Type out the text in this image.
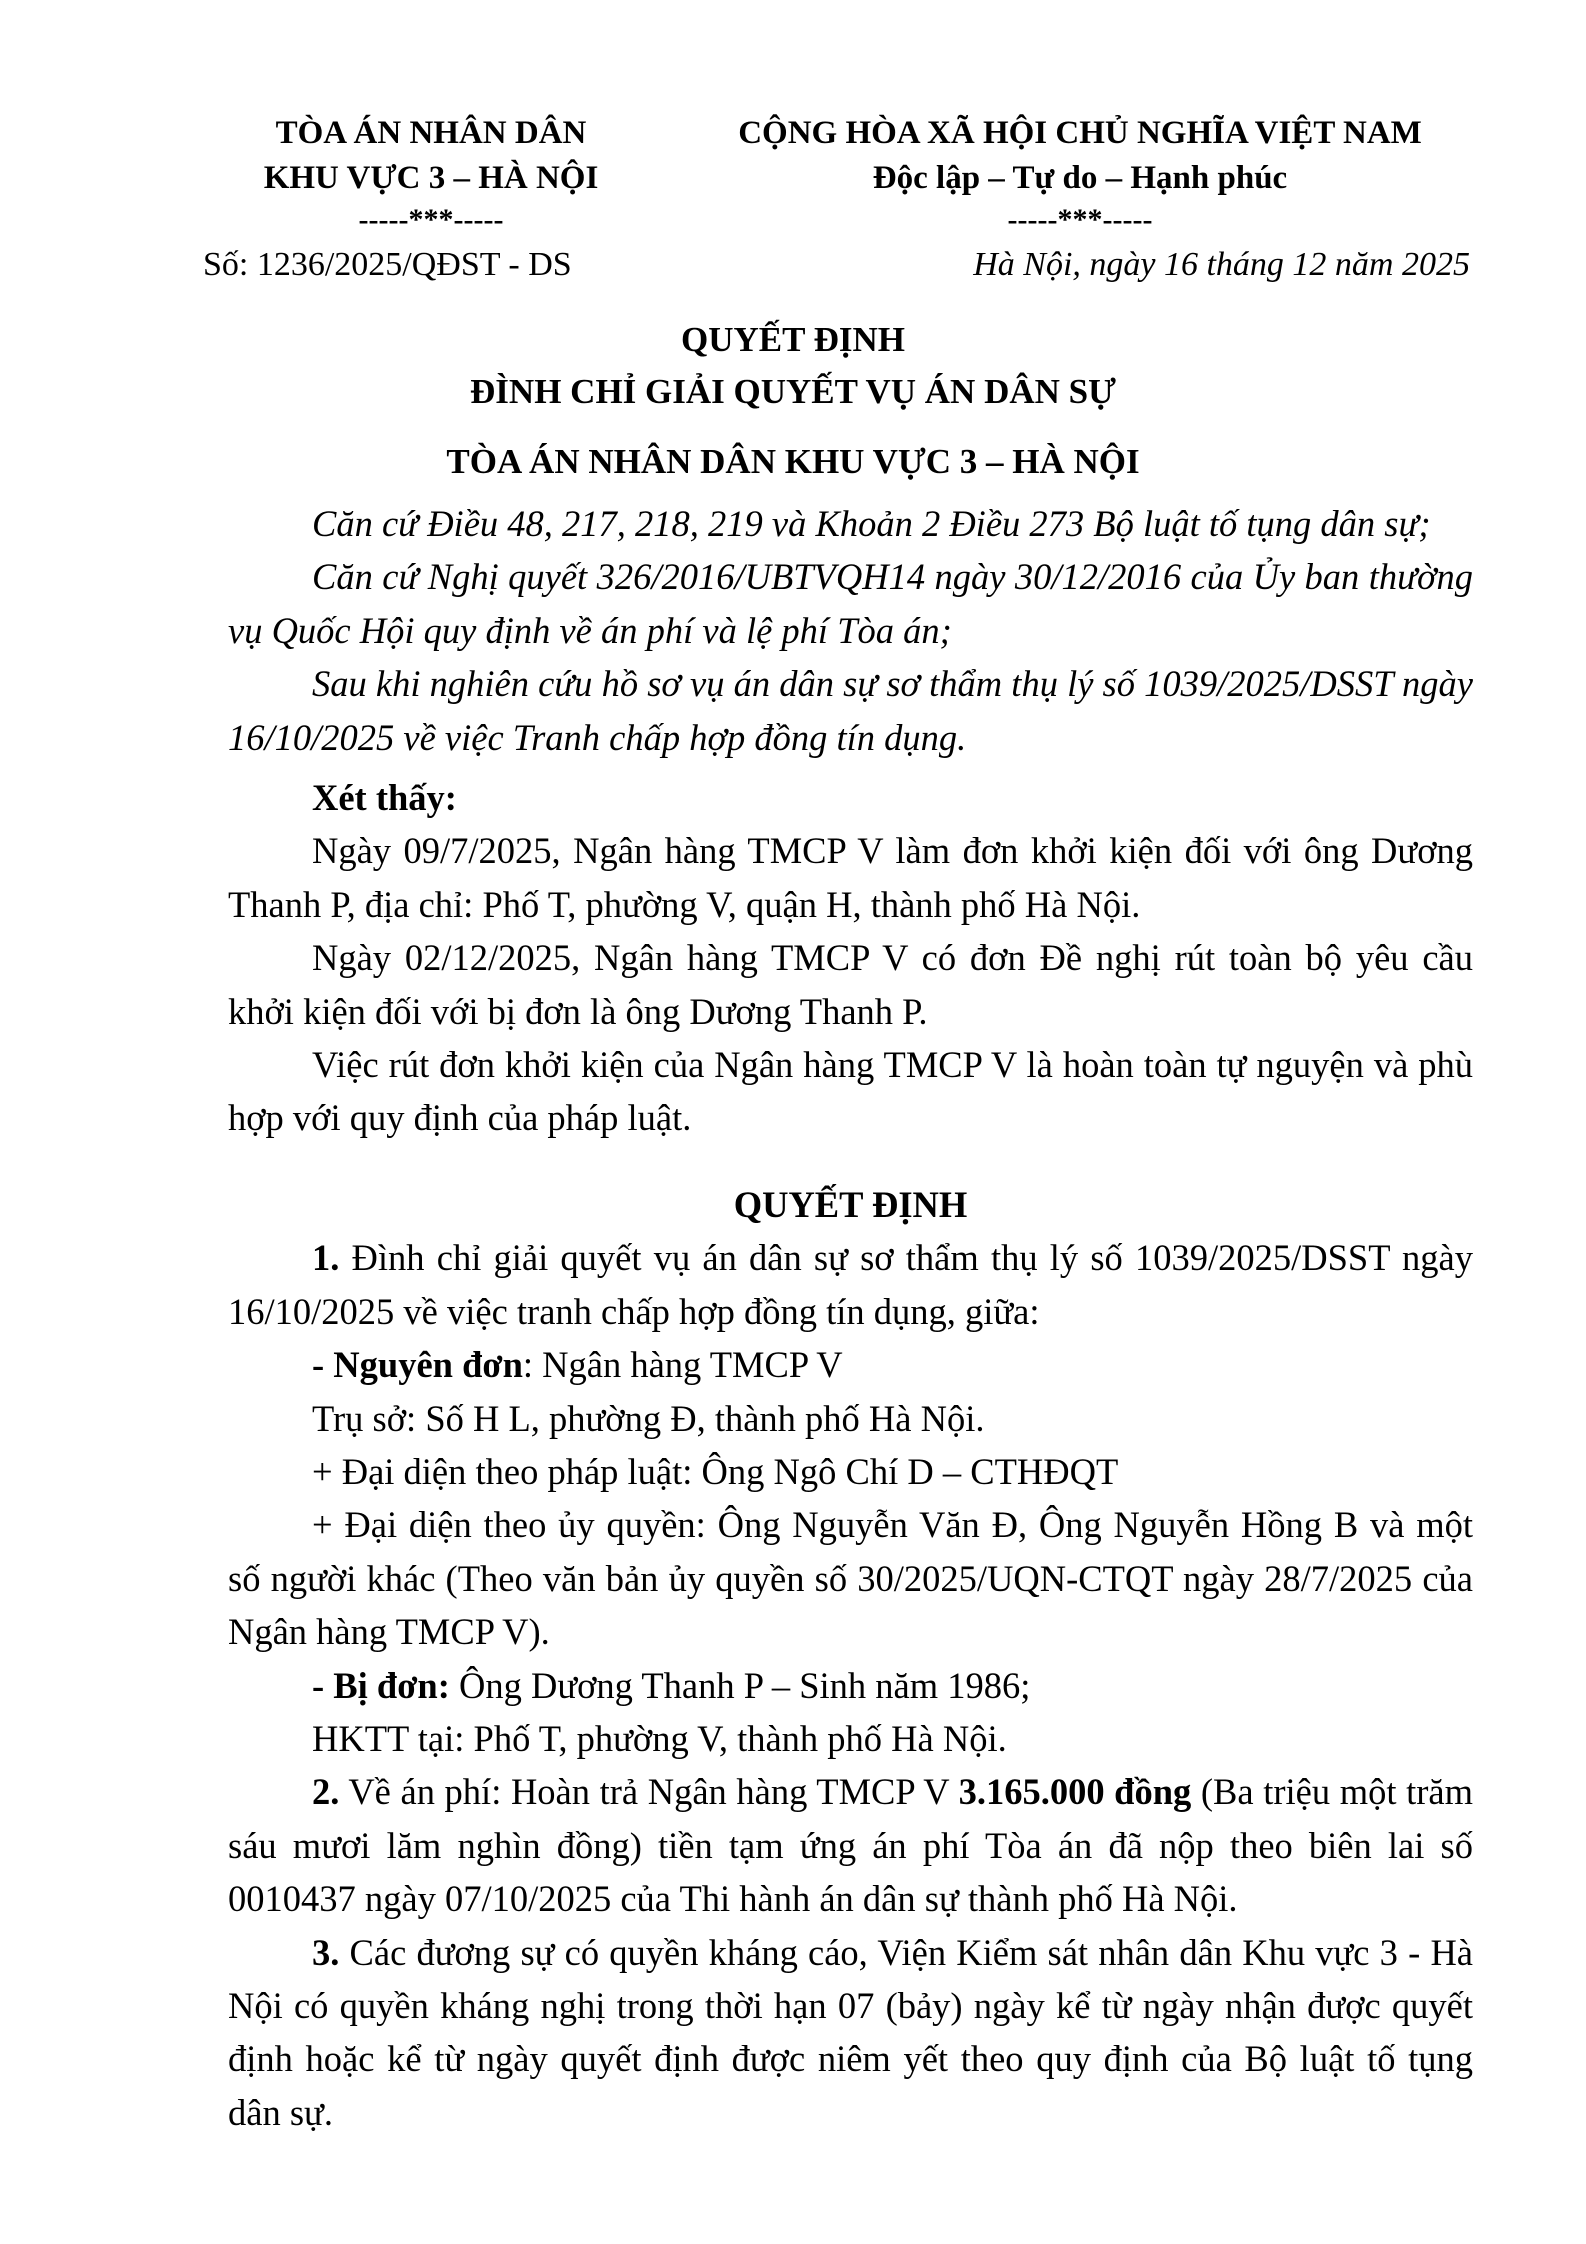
TÒA ÁN NHÂN DÂN
KHU VỰC 3 – HÀ NỘI
-----***-----
CỘNG HÒA XÃ HỘI CHỦ NGHĨA VIỆT NAM
Độc lập – Tự do – Hạnh phúc
-----***-----
Số: 1236/2025/QĐST - DS	Hà Nội, ngày 16 tháng 12 năm 2025
QUYẾT ĐỊNH
ĐÌNH CHỈ GIẢI QUYẾT VỤ ÁN DÂN SỰ
TÒA ÁN NHÂN DÂN KHU VỰC 3 – HÀ NỘI

Căn cứ Điều 48, 217, 218, 219 và Khoản 2 Điều 273 Bộ luật tố tụng dân sự;

Căn cứ Nghị quyết 326/2016/UBTVQH14 ngày 30/12/2016 của Ủy ban thường vụ Quốc Hội quy định về án phí và lệ phí Tòa án;

Sau khi nghiên cứu hồ sơ vụ án dân sự sơ thẩm thụ lý số 1039/2025/DSST ngày 16/10/2025 về việc Tranh chấp hợp đồng tín dụng.

Xét thấy:

Ngày 09/7/2025, Ngân hàng TMCP V làm đơn khởi kiện đối với ông Dương Thanh P, địa chỉ: Phố T, phường V, quận H, thành phố Hà Nội.

Ngày 02/12/2025, Ngân hàng TMCP V có đơn Đề nghị rút toàn bộ yêu cầu khởi kiện đối với bị đơn là ông Dương Thanh P.

Việc rút đơn khởi kiện của Ngân hàng TMCP V là hoàn toàn tự nguyện và phù hợp với quy định của pháp luật.

QUYẾT ĐỊNH

1. Đình chỉ giải quyết vụ án dân sự sơ thẩm thụ lý số 1039/2025/DSST ngày 16/10/2025 về việc tranh chấp hợp đồng tín dụng, giữa:

- Nguyên đơn: Ngân hàng TMCP V

Trụ sở: Số H L, phường Đ, thành phố Hà Nội.

+ Đại diện theo pháp luật: Ông Ngô Chí D – CTHĐQT

+ Đại diện theo ủy quyền: Ông Nguyễn Văn Đ, Ông Nguyễn Hồng B và một số người khác (Theo văn bản ủy quyền số 30/2025/UQN-CTQT ngày 28/7/2025 của Ngân hàng TMCP V).

- Bị đơn: Ông Dương Thanh P – Sinh năm 1986;

HKTT tại: Phố T, phường V, thành phố Hà Nội.

2. Về án phí: Hoàn trả Ngân hàng TMCP V 3.165.000 đồng (Ba triệu một trăm sáu mươi lăm nghìn đồng) tiền tạm ứng án phí Tòa án đã nộp theo biên lai số 0010437 ngày 07/10/2025 của Thi hành án dân sự thành phố Hà Nội.

3. Các đương sự có quyền kháng cáo, Viện Kiểm sát nhân dân Khu vực 3 - Hà Nội có quyền kháng nghị trong thời hạn 07 (bảy) ngày kể từ ngày nhận được quyết định hoặc kể từ ngày quyết định được niêm yết theo quy định của Bộ luật tố tụng dân sự.
